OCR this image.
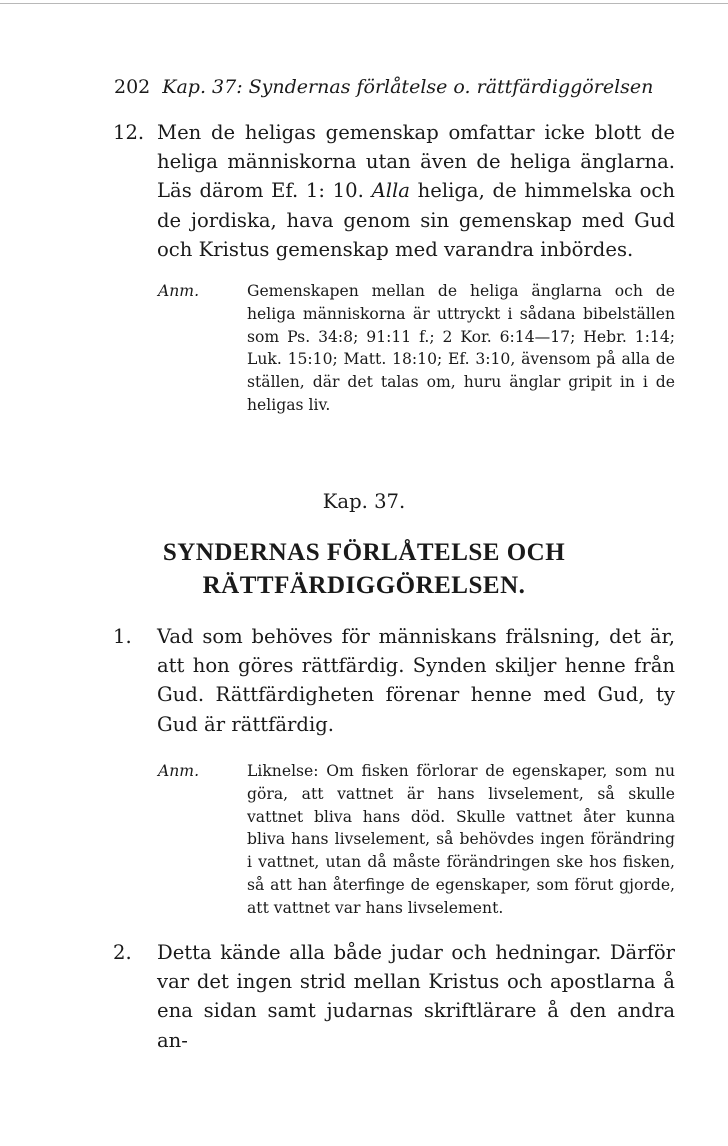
202 Kap. 37: Syndernas förlåtelse o. rättfärdiggörelsen
12. Men de heligas gemenskap omfattar icke blott de heliga människorna utan även de heliga änglarna. Läs därom Ef. 1: 10. Alla heliga, de himmelska och de jordiska, hava genom sin gemenskap med Gud och Kristus gemenskap med varandra inbördes.
Anm.	Gemenskapen mellan de heliga änglarna och de heliga människorna är uttryckt i sådana bibelställen som Ps. 34:8; 91:11 f.; 2 Kor. 6:14—17; Hebr. 1:14; Luk. 15:10; Matt. 18:10; Ef. 3:10, ävensom på alla de ställen, där det talas om, huru änglar gripit in i de heligas liv.
Kap. 37.
SYNDERNAS FÖRLÅTELSE OCH
RÄTTFÄRDIGGÖRELSEN.
1.	Vad som behöves för människans frälsning, det är, att hon göres rättfärdig. Synden skiljer henne från Gud. Rättfärdigheten förenar henne med Gud, ty Gud är rättfärdig.
Anm.	Liknelse: Om fisken förlorar de egenskaper, som nu göra, att vattnet är hans livselement, så skulle vattnet bliva hans död. Skulle vattnet åter kunna bliva hans livselement, så behövdes ingen förändring i vattnet, utan då måste förändringen ske hos fisken, så att han återfinge de egenskaper, som förut gjorde, att vattnet var hans livselement.
2.	Detta kände alla både judar och hedningar. Därför var det ingen strid mellan Kristus och apostlarna å ena sidan samt judarnas skriftlärare å den andra an-
